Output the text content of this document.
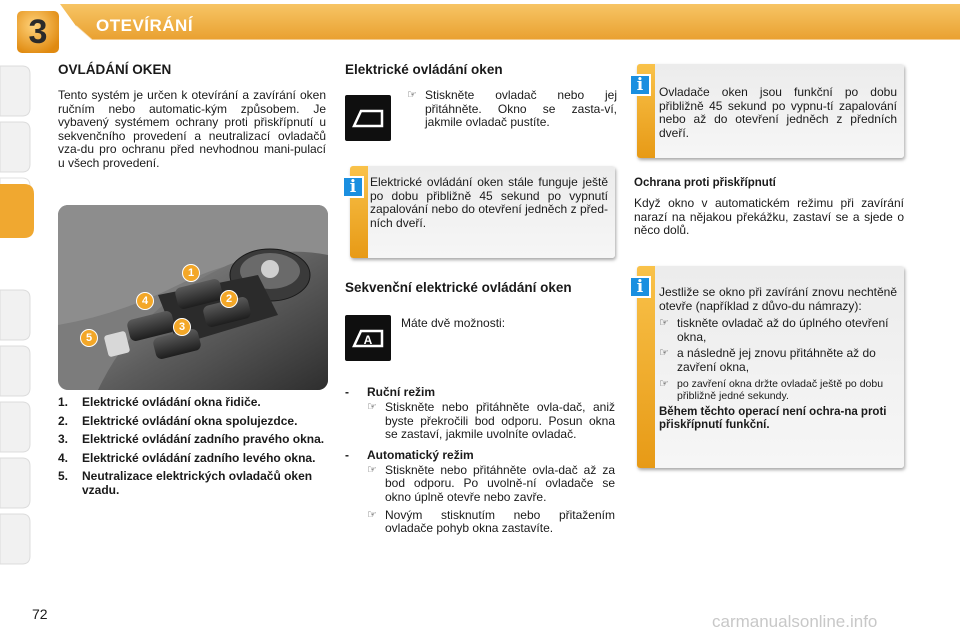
3	OTEVÍRÁNÍ
OVLÁDÁNÍ OKEN

Tento systém je určen k otevírání a zavírání oken ručním nebo automatic-kým způsobem. Je vybavený systémem ochrany proti přiskřípnutí u sekvenčního provedení a neutralizací ovladačů vza-du pro ochranu před nevhodnou mani-pulací u všech provedení.

1
2
3
4
5
1.	Elektrické ovládání okna řidiče.
2.	Elektrické ovládání okna spolujezdce.
3.	Elektrické ovládání zadního pravého okna.
4.	Elektrické ovládání zadního levého okna.
5.	Neutralizace elektrických ovladačů oken vzadu.
Elektrické ovládání oken
☞ Stiskněte ovladač nebo jej přitáhněte. Okno se zasta-ví, jakmile ovladač pustíte.
Elektrické ovládání oken stále funguje ještě po dobu přibližně 45 sekund po vypnutí zapalování nebo do otevření jedněch z před-ních dveří.
i
Sekvenční elektrické ovládání oken
A
Máte dvě možnosti:
-	Ruční režim
☞ Stiskněte nebo přitáhněte ovla-dač, aniž byste překročili bod odporu. Posun okna se zastaví, jakmile uvolníte ovladač.
-	Automatický režim
☞ Stiskněte nebo přitáhněte ovla-dač až za bod odporu. Po uvolně-ní ovladače se okno úplně otevře nebo zavře.
☞ Novým stisknutím nebo přitažením ovladače pohyb okna zastavíte.
Ovladače oken jsou funkční po dobu přibližně 45 sekund po vypnu-tí zapalování nebo až do otevření jedněch z předních dveří.
i
Ochrana proti přiskřípnutí

Když okno v automatickém režimu při zavírání narazí na nějakou překážku, zastaví se a sjede o něco dolů.

Jestliže se okno při zavírání znovu nechtěně otevře (například z důvo-du námrazy):
☞ tiskněte ovladač až do úplného otevření okna,
☞ a následně jej znovu přitáhněte až do zavření okna,
☞ po zavření okna držte ovladač ještě po dobu přibližně jedné sekundy.
Během těchto operací není ochra-na proti přiskřípnutí funkční.
i
72	carmanualsonline.info
